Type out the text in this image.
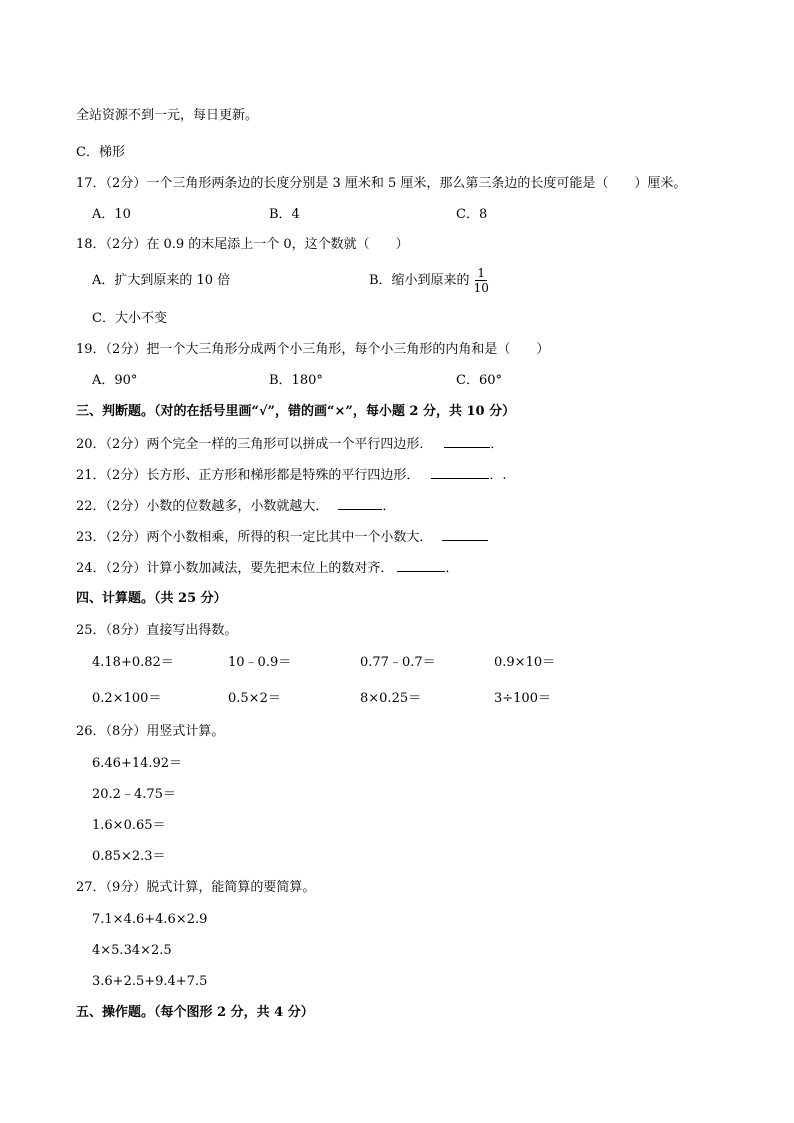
全站资源不到一元，每日更新。
C．梯形
17．（2分）一个三角形两条边的长度分别是 3 厘米和 5 厘米，那么第三条边的长度可能是（　　）厘米。
A．10	B．4	C．8
18．（2分）在 0.9 的末尾添上一个 0，这个数就（　　）
A．扩大到原来的 10 倍	B．缩小到原来的 $\frac{1}{10}$
C．大小不变
19．（2分）把一个大三角形分成两个小三角形，每个小三角形的内角和是（　　）
A．90°	B．180°	C．60°
三、判断题。（对的在括号里画“√”，错的画“×”，每小题 2 分，共 10 分）
20．（2分）两个完全一样的三角形可以拼成一个平行四边形．	．
21．（2分）长方形、正方形和梯形都是特殊的平行四边形．	．.
22．（2分）小数的位数越多，小数就越大．	．
23．（2分）两个小数相乘，所得的积一定比其中一个小数大．
24．（2分）计算小数加减法，要先把末位上的数对齐．	．
四、计算题。（共 25 分）
25．（8分）直接写出得数。
4.18+0.82＝	10﹣0.9＝	0.77﹣0.7＝	0.9×10＝
0.2×100＝	0.5×2＝	8×0.25＝	3÷100＝
26．（8分）用竖式计算。
6.46+14.92＝
20.2﹣4.75＝
1.6×0.65＝
0.85×2.3＝
27．（9分）脱式计算，能简算的要简算。
7.1×4.6+4.6×2.9
4×5.34×2.5
3.6+2.5+9.4+7.5
五、操作题。（每个图形 2 分，共 4 分）
